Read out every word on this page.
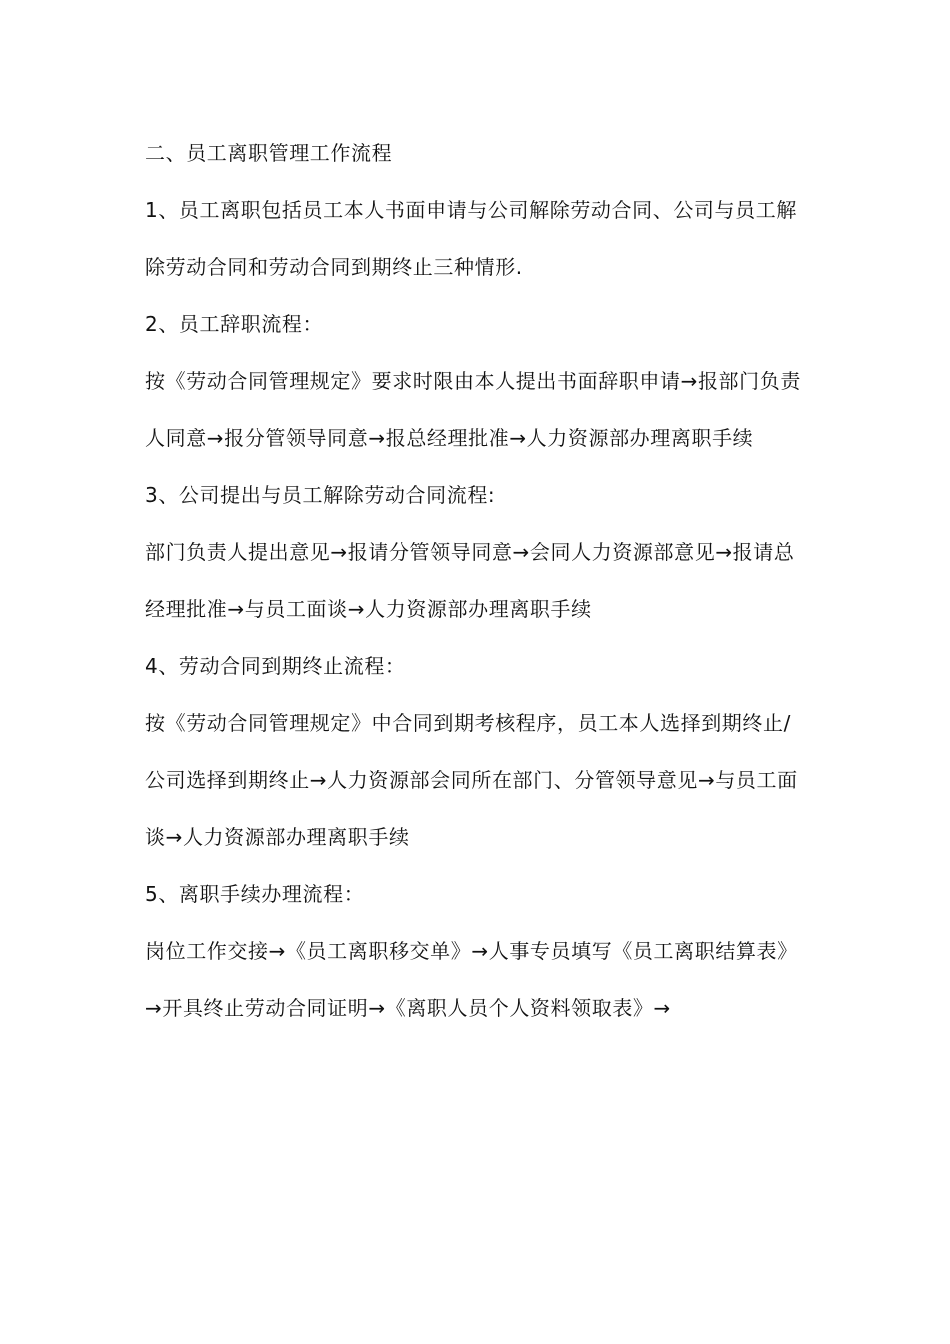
二、员工离职管理工作流程

1、员工离职包括员工本人书面申请与公司解除劳动合同、公司与员工解除劳动合同和劳动合同到期终止三种情形.

2、员工辞职流程：

按《劳动合同管理规定》要求时限由本人提出书面辞职申请→报部门负责人同意→报分管领导同意→报总经理批准→人力资源部办理离职手续

3、公司提出与员工解除劳动合同流程:

部门负责人提出意见→报请分管领导同意→会同人力资源部意见→报请总经理批准→与员工面谈→人力资源部办理离职手续

4、劳动合同到期终止流程：

按《劳动合同管理规定》中合同到期考核程序，员工本人选择到期终止/公司选择到期终止→人力资源部会同所在部门、分管领导意见→与员工面谈→人力资源部办理离职手续

5、离职手续办理流程：

岗位工作交接→《员工离职移交单》→人事专员填写《员工离职结算表》→开具终止劳动合同证明→《离职人员个人资料领取表》→
